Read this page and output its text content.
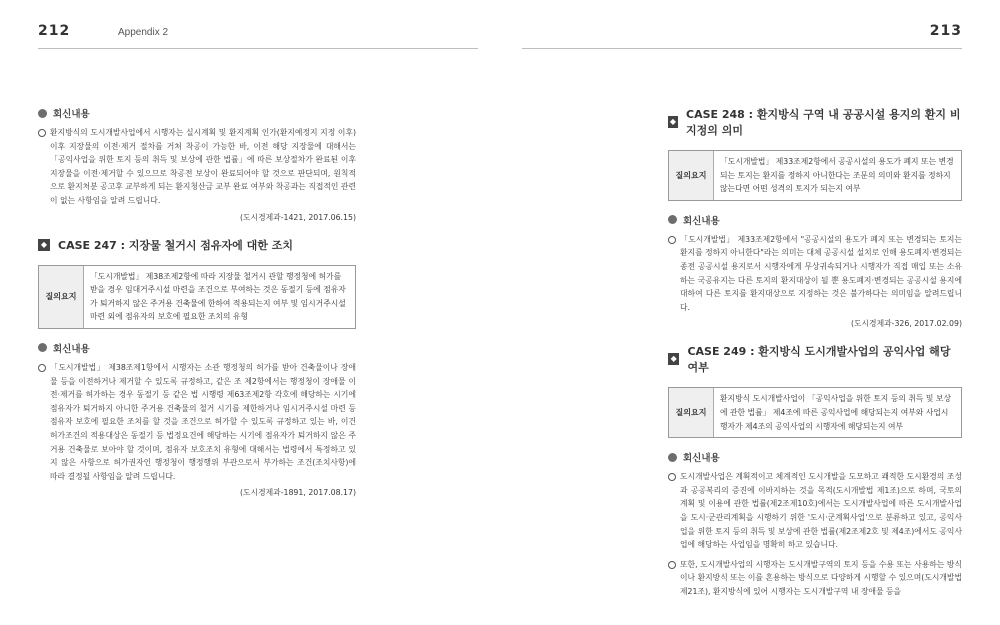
212	Appendix 2
회신내용
환지방식의 도시개발사업에서 시행자는 실시계획 및 환지계획 인가(환지예정지 지정 이후) 이후 지장물의 이전·제거 절차를 거쳐 착공이 가능한 바, 이전 해당 지장물에 대해서는 「공익사업을 위한 토지 등의 취득 및 보상에 관한 법률」에 따른 보상절차가 완료된 이후 지장물을 이전·제거할 수 있으므로 착공전 보상이 완료되어야 할 것으로 판단되며, 원칙적으로 환지처분 공고후 교부하게 되는 환지청산금 교부 완료 여부와 착공과는 직접적인 관련이 없는 사항임을 알려 드립니다.
(도시경제과-1421, 2017.06.15)
◆ CASE 247 : 지장물 철거시 점유자에 대한 조치
질의요지
「도시개발법」 제38조제2항에 따라 지장물 철거시 관할 행정청에 허가를 받을 경우 임대거주시설 마련을 조건으로 부여하는 것은 동절기 등에 점유자가 퇴거하지 않은 주거용 건축물에 한하여 적용되는지 여부 및 임시거주시설 마련 외에 점유자의 보호에 필요한 조치의 유형
회신내용
「도시개발법」 제38조제1항에서 시행자는 소관 행정청의 허가를 받아 건축물이나 장애물 등을 이전하거나 제거할 수 있도록 규정하고, 같은 조 제2항에서는 행정청이 장애물 이전·제거를 허가하는 경우 동절기 등 같은 법 시행령 제63조제2항 각호에 해당하는 시기에 점유자가 퇴거하지 아니한 주거용 건축물의 철거 시기를 제한하거나 임시거주시설 마련 등 점유자 보호에 필요한 조치를 할 것을 조건으로 허가할 수 있도록 규정하고 있는 바, 이건 허가조건의 적용대상은 동절기 등 법정요건에 해당하는 시기에 점유자가 퇴거하지 않은 주거용 건축물로 보아야 할 것이며, 점유자 보호조치 유형에 대해서는 법령에서 특정하고 있지 않은 사항으로 허가권자인 행정청이 행정행위 부관으로서 부가하는 조건(조치사항)에 따라 결정될 사항임을 알려 드립니다.
(도시경제과-1891, 2017.08.17)
213
◆
CASE 248 : 환지방식 구역 내 공공시설 용지의 환지 비지정의 의미
질의요지
「도시개발법」 제33조제2항에서 공공시설의 용도가 폐지 또는 변경되는 토지는 환지를 정하지 아니한다는 조문의 의미와 환지를 정하지 않는다면 어떤 성격의 토지가 되는지 여부
회신내용
「도시개발법」 제33조제2항에서 "공공시설의 용도가 폐지 또는 변경되는 토지는 환지를 정하지 아니한다"라는 의미는 대체 공공시설 설치로 인해 용도폐지·변경되는 종전 공공시설 용지로서 시행자에게 무상귀속되거나 시행자가 직접 매입 또는 소유하는 국공유지는 다른 토지의 환지대상이 될 뿐 용도폐지·변경되는 공공시설 용지에 대하여 다른 토지를 환지대상으로 지정하는 것은 불가하다는 의미임을 알려드립니다.
(도시경제과-326, 2017.02.09)
◆
CASE 249 : 환지방식 도시개발사업의 공익사업 해당 여부
질의요지
환지방식 도시개발사업이 「공익사업을 위한 토지 등의 취득 및 보상에 관한 법률」 제4조에 따른 공익사업에 해당되는지 여부와 사업시행자가 제4조의 공익사업의 시행자에 해당되는지 여부
회신내용
도시개발사업은 계획적이고 체계적인 도시개발을 도모하고 쾌적한 도시환경의 조성과 공공복리의 증진에 이바지하는 것을 목적(도시개발법 제1조)으로 하며, 국토의 계획 및 이용에 관한 법률(제2조제10호)에서는 도시개발사업에 따른 도시개발사업을 도시·군관리계획을 시행하기 위한 '도시·군계획사업'으로 분류하고 있고, 공익사업을 위한 토지 등의 취득 및 보상에 관한 법률(제2조제2호 및 제4조)에서도 공익사업에 해당하는 사업임을 명확히 하고 있습니다.
또한, 도시개발사업의 시행자는 도시개발구역의 토지 등을 수용 또는 사용하는 방식이나 환지방식 또는 이를 혼용하는 방식으로 다양하게 시행할 수 있으며(도시개발법 제21조), 환지방식에 있어 시행자는 도시개발구역 내 장애물 등을
